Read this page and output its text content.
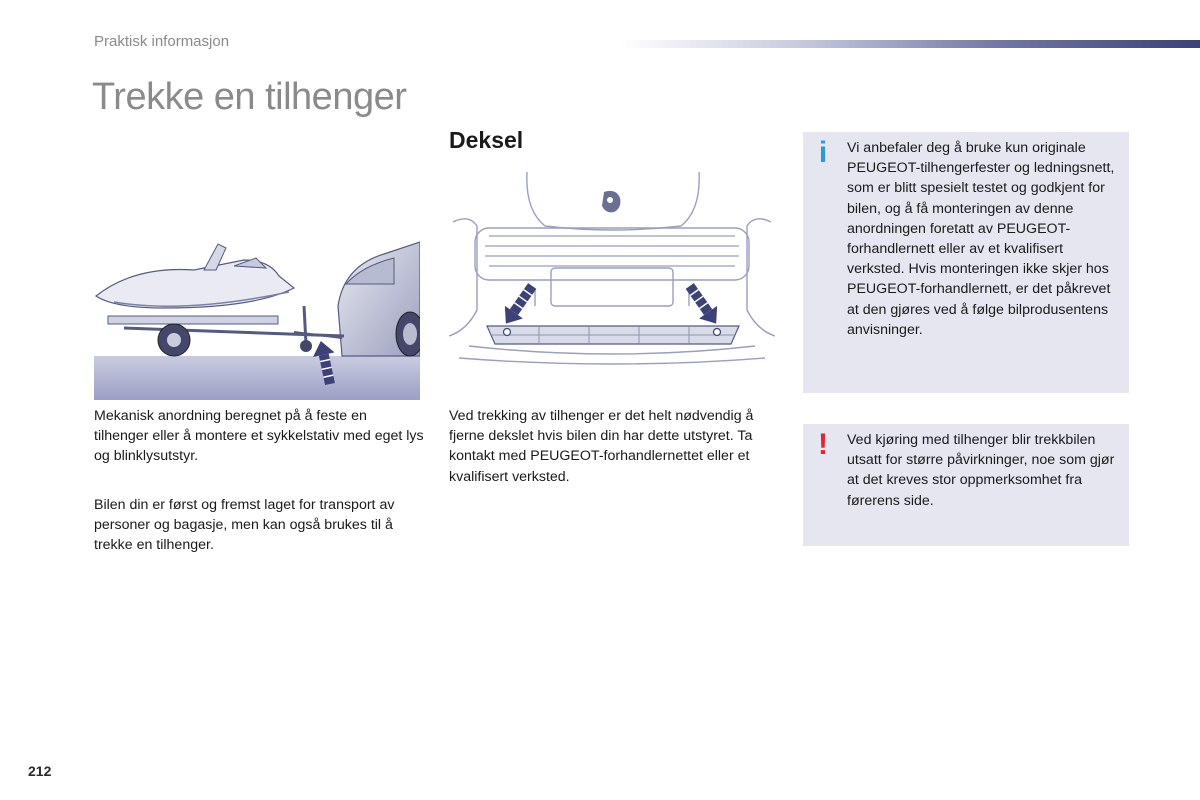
Praktisk informasjon
Trekke en tilhenger

Mekanisk anordning beregnet på å feste en tilhenger eller å montere et sykkelstativ med eget lys og blinklysutstyr.

Bilen din er først og fremst laget for transport av personer og bagasje, men kan også brukes til å trekke en tilhenger.

Deksel

Ved trekking av tilhenger er det helt nødvendig å fjerne dekslet hvis bilen din har dette utstyret. Ta kontakt med PEUGEOT-forhandlernettet eller et kvalifisert verksted.

i Vi anbefaler deg å bruke kun originale PEUGEOT-tilhengerfester og ledningsnett, som er blitt spesielt testet og godkjent for bilen, og å få monteringen av denne anordningen foretatt av PEUGEOT-forhandlernett eller av et kvalifisert verksted. Hvis monteringen ikke skjer hos PEUGEOT-forhandlernett, er det påkrevet at den gjøres ved å følge bilprodusentens anvisninger.

! Ved kjøring med tilhenger blir trekkbilen utsatt for større påvirkninger, noe som gjør at det kreves stor oppmerksomhet fra førerens side.

212
